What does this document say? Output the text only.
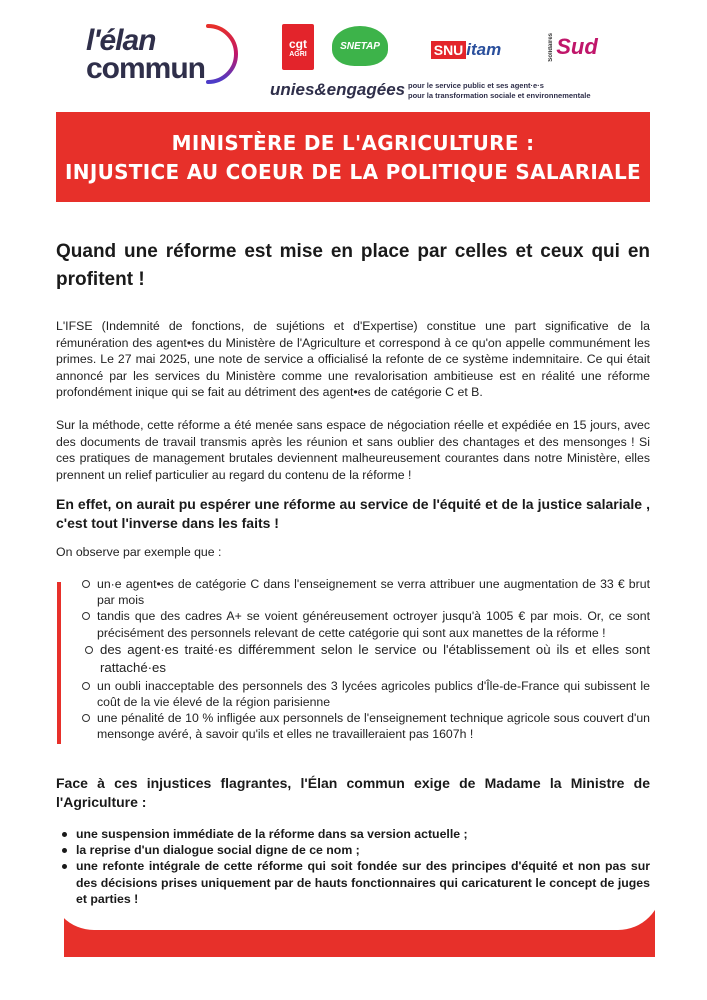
l'élan
commun
cgt
AGRI
SNETAP	SNU itam	Solidaires Sud
unies&engagées pour le service public et ses agent·e·s
pour la transformation sociale et environnementale
MINISTÈRE DE L'AGRICULTURE :
INJUSTICE AU COEUR DE LA POLITIQUE SALARIALE
Quand une réforme est mise en place par celles et ceux qui en profitent !

L'IFSE (Indemnité de fonctions, de sujétions et d'Expertise) constitue une part significative de la rémunération des agent•es du Ministère de l'Agriculture et correspond à ce qu'on appelle communément les primes. Le 27 mai 2025, une note de service a officialisé la refonte de ce système indemnitaire. Ce qui était annoncé par les services du Ministère comme une revalorisation ambitieuse est en réalité une réforme profondément inique qui se fait au détriment des agent•es de catégorie C et B.

Sur la méthode, cette réforme a été menée sans espace de négociation réelle et expédiée en 15 jours, avec des documents de travail transmis après les réunion et sans oublier des chantages et des mensonges ! Si ces pratiques de management brutales deviennent malheureusement courantes dans notre Ministère, elles prennent un relief particulier au regard du contenu de la réforme !

En effet, on aurait pu espérer une réforme au service de l'équité et de la justice salariale , c'est tout l'inverse dans les faits !

On observe par exemple que :

un·e agent•es de catégorie C dans l'enseignement se verra attribuer une augmentation de 33 € brut par mois
tandis que des cadres A+ se voient généreusement octroyer jusqu'à 1005 € par mois. Or, ce sont précisément des personnels relevant de cette catégorie qui sont aux manettes de la réforme !
des agent·es traité·es différemment selon le service ou l'établissement où ils et elles sont rattaché·es
un oubli inacceptable des personnels des 3 lycées agricoles publics d'Île-de-France qui subissent le coût de la vie élevé de la région parisienne
une pénalité de 10 % infligée aux personnels de l'enseignement technique agricole sous couvert d'un mensonge avéré, à savoir qu'ils et elles ne travailleraient pas 1607h !

Face à ces injustices flagrantes, l'Élan commun exige de Madame la Ministre de l'Agriculture :

une suspension immédiate de la réforme dans sa version actuelle ;
la reprise d'un dialogue social digne de ce nom ;
une refonte intégrale de cette réforme qui soit fondée sur des principes d'équité et non pas sur des décisions prises uniquement par de hauts fonctionnaires qui caricaturent le concept de juges et parties !
